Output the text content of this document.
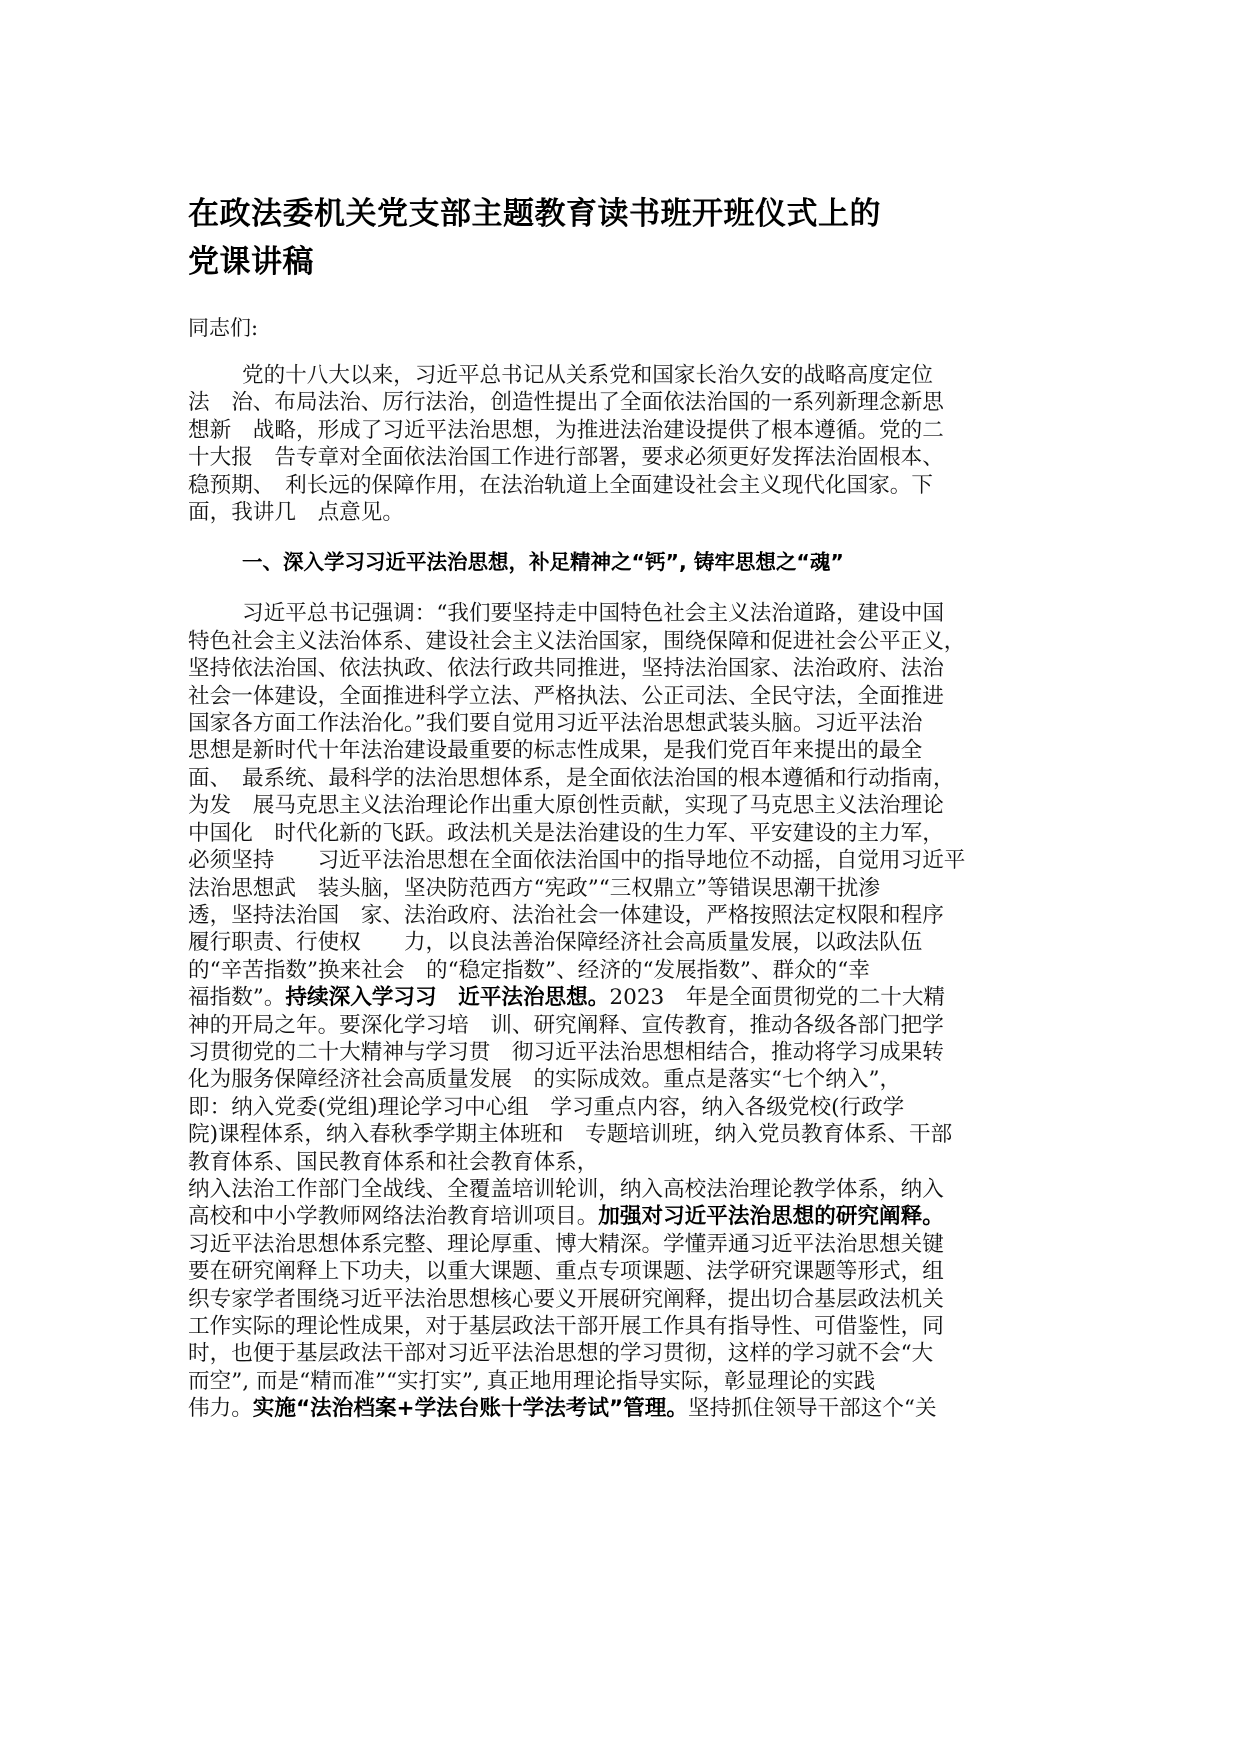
在政法委机关党支部主题教育读书班开班仪式上的
党课讲稿

同志们:

党的十八大以来，习近平总书记从关系党和国家长治久安的战略高度定位
法　治、布局法治、厉行法治，创造性提出了全面依法治国的一系列新理念新思
想新　战略，形成了习近平法治思想，为推进法治建设提供了根本遵循。党的二
十大报　告专章对全面依法治国工作进行部署，要求必须更好发挥法治固根本、
稳预期、　利长远的保障作用，在法治轨道上全面建设社会主义现代化国家。下
面，我讲几　点意见。
一、深入学习习近平法治思想，补足精神之“钙”, 铸牢思想之“魂”
习近平总书记强调：“我们要坚持走中国特色社会主义法治道路，建设中国
特色社会主义法治体系、建设社会主义法治国家，围绕保障和促进社会公平正义，
坚持依法治国、依法执政、依法行政共同推进，坚持法治国家、法治政府、法治
社会一体建设，全面推进科学立法、严格执法、公正司法、全民守法，全面推进
国家各方面工作法治化。”我们要自觉用习近平法治思想武装头脑。习近平法治
思想是新时代十年法治建设最重要的标志性成果，是我们党百年来提出的最全
面、　最系统、最科学的法治思想体系，是全面依法治国的根本遵循和行动指南，
为发　展马克思主义法治理论作出重大原创性贡献，实现了马克思主义法治理论
中国化　时代化新的飞跃。政法机关是法治建设的生力军、平安建设的主力军，
必须坚持　　习近平法治思想在全面依法治国中的指导地位不动摇，自觉用习近平
法治思想武　装头脑，坚决防范西方“宪政”“三权鼎立”等错误思潮干扰渗
透，坚持法治国　家、法治政府、法治社会一体建设，严格按照法定权限和程序
履行职责、行使权　　力，以良法善治保障经济社会高质量发展，以政法队伍
的“辛苦指数”换来社会　的“稳定指数”、经济的“发展指数”、群众的“幸
福指数”。持续深入学习习　近平法治思想。2023　年是全面贯彻党的二十大精
神的开局之年。要深化学习培　训、研究阐释、宣传教育，推动各级各部门把学
习贯彻党的二十大精神与学习贯　彻习近平法治思想相结合，推动将学习成果转
化为服务保障经济社会高质量发展　的实际成效。重点是落实“七个纳入”，
即：纳入党委(党组)理论学习中心组　学习重点内容，纳入各级党校(行政学
院)课程体系，纳入春秋季学期主体班和　专题培训班，纳入党员教育体系、干部
教育体系、国民教育体系和社会教育体系，
纳入法治工作部门全战线、全覆盖培训轮训，纳入高校法治理论教学体系，纳入
高校和中小学教师网络法治教育培训项目。加强对习近平法治思想的研究阐释。
习近平法治思想体系完整、理论厚重、博大精深。学懂弄通习近平法治思想关键
要在研究阐释上下功夫，以重大课题、重点专项课题、法学研究课题等形式，组
织专家学者围绕习近平法治思想核心要义开展研究阐释，提出切合基层政法机关
工作实际的理论性成果，对于基层政法干部开展工作具有指导性、可借鉴性，同
时，也便于基层政法干部对习近平法治思想的学习贯彻，这样的学习就不会“大
而空”, 而是“精而准”“实打实”, 真正地用理论指导实际，彰显理论的实践
伟力。实施“法治档案+学法台账十学法考试”管理。坚持抓住领导干部这个“关
